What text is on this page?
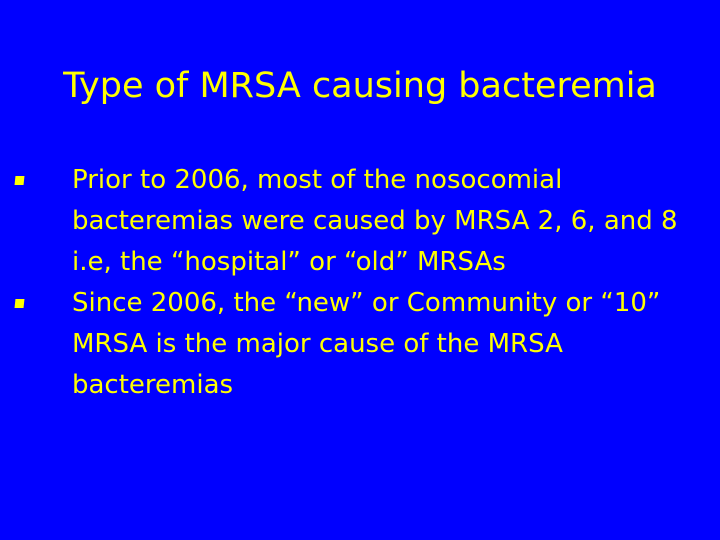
Type of MRSA causing bacteremia
Prior to 2006, most of the nosocomial bacteremias were caused by MRSA 2, 6, and 8 i.e, the “hospital” or “old” MRSAs
Since 2006, the “new” or Community or “10” MRSA is the major cause of the MRSA bacteremias
